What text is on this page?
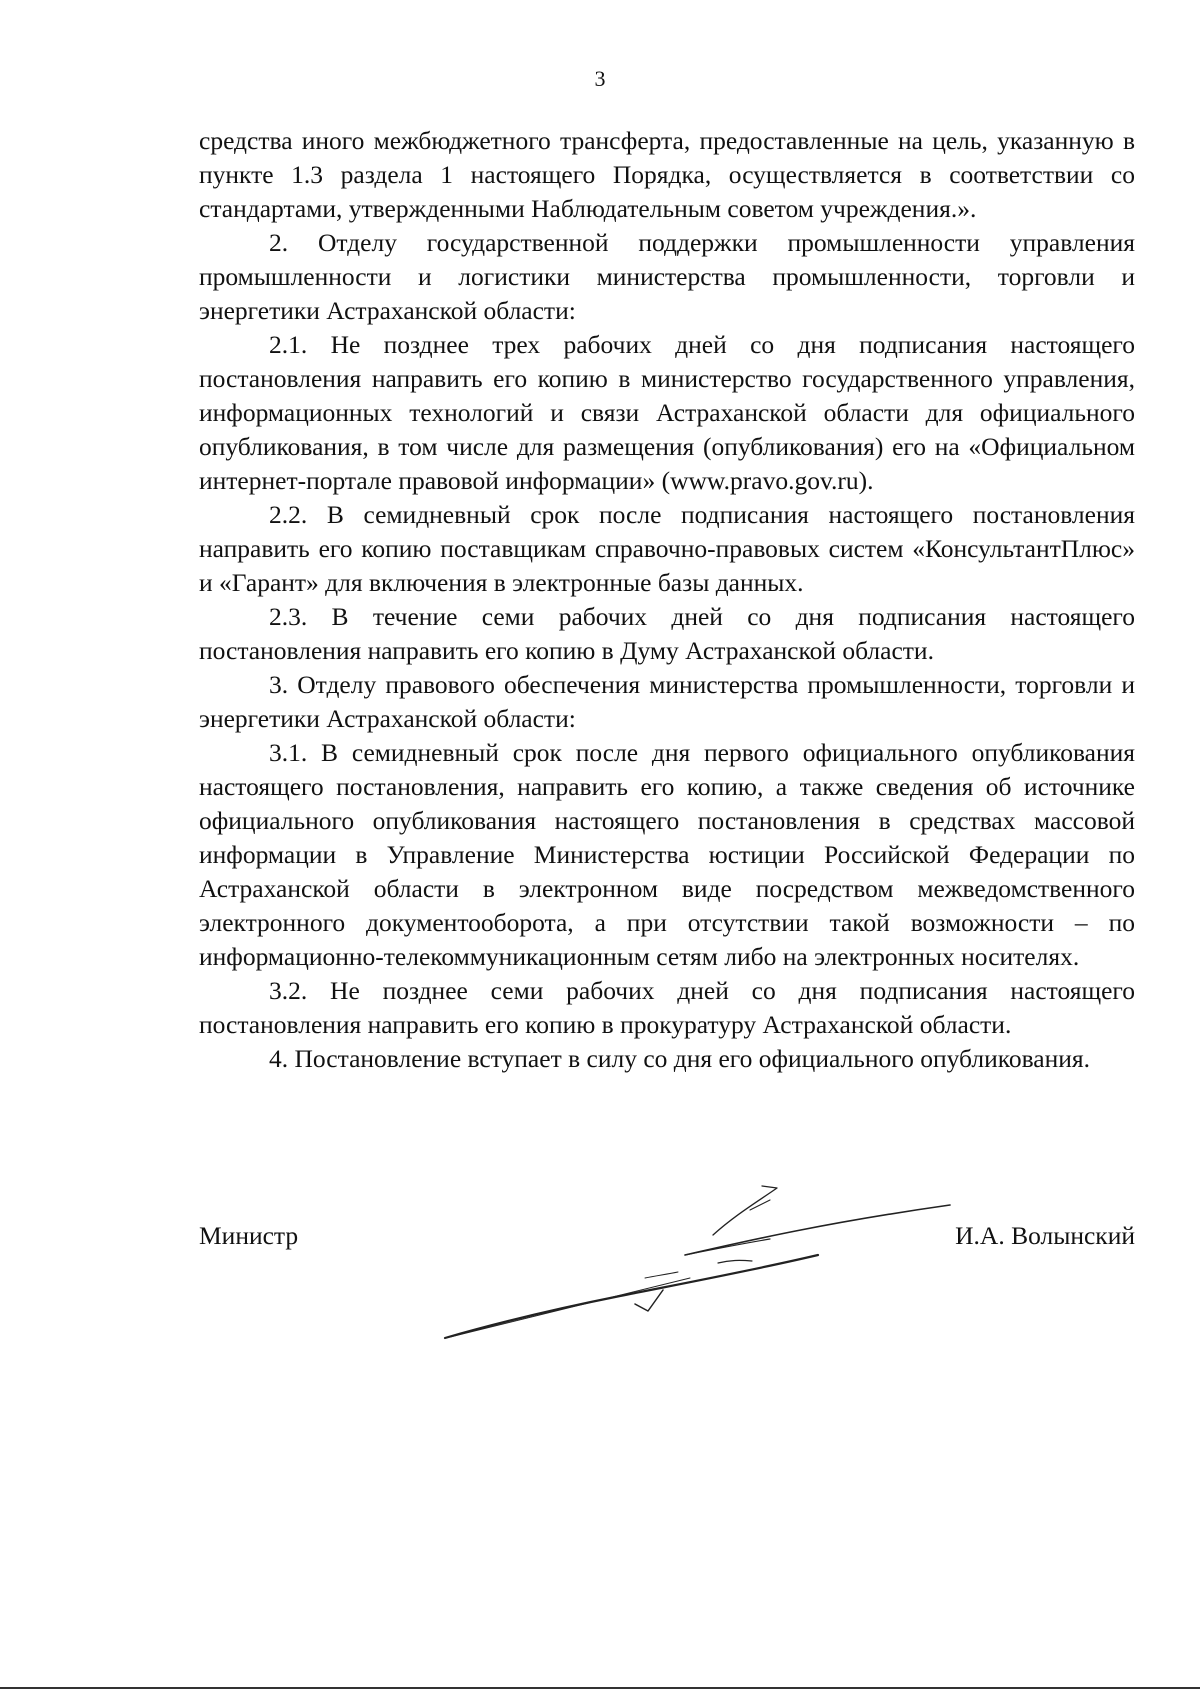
3

средства иного межбюджетного трансферта, предоставленные на цель, указанную в пункте 1.3 раздела 1 настоящего Порядка, осуществляется в соответствии со стандартами, утвержденными Наблюдательным советом учреждения.».

2. Отделу государственной поддержки промышленности управления промышленности и логистики министерства промышленности, торговли и энергетики Астраханской области:

2.1. Не позднее трех рабочих дней со дня подписания настоящего постановления направить его копию в министерство государственного управления, информационных технологий и связи Астраханской области для официального опубликования, в том числе для размещения (опубликования) его на «Официальном интернет-портале правовой информации» (www.pravo.gov.ru).

2.2. В семидневный срок после подписания настоящего постановления направить его копию поставщикам справочно-правовых систем «КонсультантПлюс» и «Гарант» для включения в электронные базы данных.

2.3. В течение семи рабочих дней со дня подписания настоящего постановления направить его копию в Думу Астраханской области.

3. Отделу правового обеспечения министерства промышленности, торговли и энергетики Астраханской области:

3.1. В семидневный срок после дня первого официального опубликования настоящего постановления, направить его копию, а также сведения об источнике официального опубликования настоящего постановления в средствах массовой информации в Управление Министерства юстиции Российской Федерации по Астраханской области в электронном виде посредством межведомственного электронного документооборота, а при отсутствии такой возможности – по информационно-телекоммуникационным сетям либо на электронных носителях.

3.2. Не позднее семи рабочих дней со дня подписания настоящего постановления направить его копию в прокуратуру Астраханской области.

4. Постановление вступает в силу со дня его официального опубликования.

Министр	И.А. Волынский
